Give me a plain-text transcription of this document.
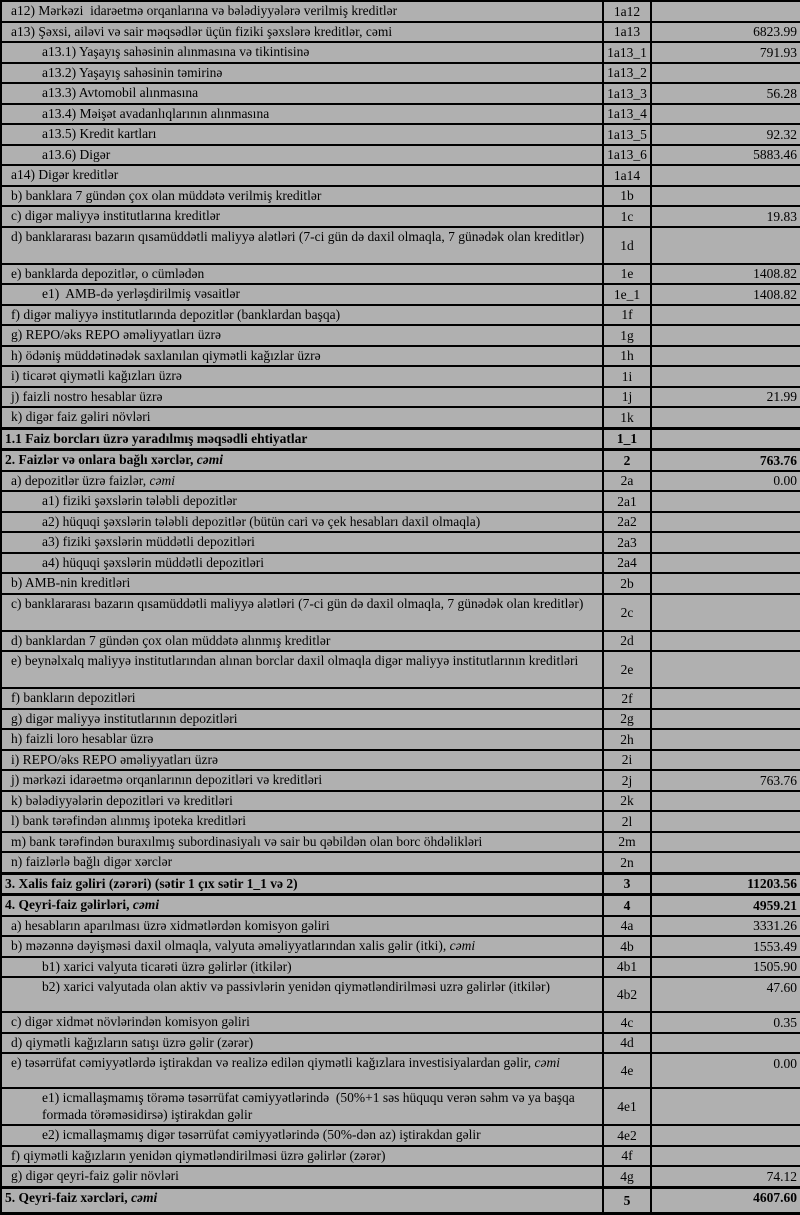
a12) Mərkəzi  idarəetmə orqanlarına və bələdiyyələrə verilmiş kreditlər	1a12	
a13) Şəxsi, ailəvi və sair məqsədlər üçün fiziki şəxslərə kreditlər, cəmi	1a13	6823.99
a13.1) Yaşayış sahəsinin alınmasına və tikintisinə	1a13_1	791.93
a13.2) Yaşayış sahəsinin təmirinə	1a13_2	
a13.3) Avtomobil alınmasına	1a13_3	56.28
a13.4) Məişət avadanlıqlarının alınmasına	1a13_4	
a13.5) Kredit kartları	1a13_5	92.32
a13.6) Digər	1a13_6	5883.46
a14) Digər kreditlər	1a14	
b) banklara 7 gündən çox olan müddətə verilmiş kreditlər	1b	
c) digər maliyyə institutlarına kreditlər	1c	19.83
d) banklararası bazarın qısamüddətli maliyyə alətləri (7-ci gün də daxil olmaqla, 7 günədək olan kreditlər)	1d	
e) banklarda depozitlər, o cümlədən	1e	1408.82
e1)  AMB-də yerləşdirilmiş vəsaitlər	1e_1	1408.82
f) digər maliyyə institutlarında depozitlər (banklardan başqa)	1f	
g) REPO/əks REPO əməliyyatları üzrə	1g	
h) ödəniş müddətinədək saxlanılan qiymətli kağızlar üzrə	1h	
i) ticarət qiymətli kağızları üzrə	1i	
j) faizli nostro hesablar üzrə	1j	21.99
k) digər faiz gəliri növləri	1k	
1.1 Faiz borcları üzrə yaradılmış məqsədli ehtiyatlar	1_1	
2. Faizlər və onlara bağlı xərclər, cəmi	2	763.76
a) depozitlər üzrə faizlər, cəmi	2a	0.00
a1) fiziki şəxslərin tələbli depozitlər	2a1	
a2) hüquqi şəxslərin tələbli depozitlər (bütün cari və çek hesabları daxil olmaqla)	2a2	
a3) fiziki şəxslərin müddətli depozitləri	2a3	
a4) hüquqi şəxslərin müddətli depozitləri	2a4	
b) AMB-nin kreditləri	2b	
c) banklararası bazarın qısamüddətli maliyyə alətləri (7-ci gün də daxil olmaqla, 7 günədək olan kreditlər)	2c	
d) banklardan 7 gündən çox olan müddətə alınmış kreditlər	2d	
e) beynəlxalq maliyyə institutlarından alınan borclar daxil olmaqla digər maliyyə institutlarının kreditləri	2e	
f) bankların depozitləri	2f	
g) digər maliyyə institutlarının depozitləri	2g	
h) faizli loro hesablar üzrə	2h	
i) REPO/əks REPO əməliyyatları üzrə	2i	
j) mərkəzi idarəetmə orqanlarının depozitləri və kreditləri	2j	763.76
k) bələdiyyələrin depozitləri və kreditləri	2k	
l) bank tərəfindən alınmış ipoteka kreditləri	2l	
m) bank tərəfindən buraxılmış subordinasiyalı və sair bu qəbildən olan borc öhdəlikləri	2m	
n) faizlərlə bağlı digər xərclər	2n	
3. Xalis faiz gəliri (zərəri) (sətir 1 çıx sətir 1_1 və 2)	3	11203.56
4. Qeyri-faiz gəlirləri, cəmi	4	4959.21
a) hesabların aparılması üzrə xidmətlərdən komisyon gəliri	4a	3331.26
b) məzənnə dəyişməsi daxil olmaqla, valyuta əməliyyatlarından xalis gəlir (itki), cəmi	4b	1553.49
b1) xarici valyuta ticarəti üzrə gəlirlər (itkilər)	4b1	1505.90
b2) xarici valyutada olan aktiv və passivlərin yenidən qiymətləndirilməsi uzrə gəlirlər (itkilər)	4b2	47.60
c) digər xidmət növlərindən komisyon gəliri	4c	0.35
d) qiymətli kağızların satışı üzrə gəlir (zərər)	4d	
e) təsərrüfat cəmiyyətlərdə iştirakdan və realizə edilən qiymətli kağızlara investisiyalardan gəlir, cəmi	4e	0.00
e1) icmallaşmamış törəmə təsərrüfat cəmiyyətlərində  (50%+1 səs hüququ verən səhm və ya başqa formada törəməsidirsə) iştirakdan gəlir	4e1	
e2) icmallaşmamış digər təsərrüfat cəmiyyətlərində (50%-dən az) iştirakdan gəlir	4e2	
f) qiymətli kağızların yenidən qiymətləndirilməsi üzrə gəlirlər (zərər)	4f	
g) digər qeyri-faiz gəlir növləri	4g	74.12
5. Qeyri-faiz xərcləri, cəmi	5	4607.60
